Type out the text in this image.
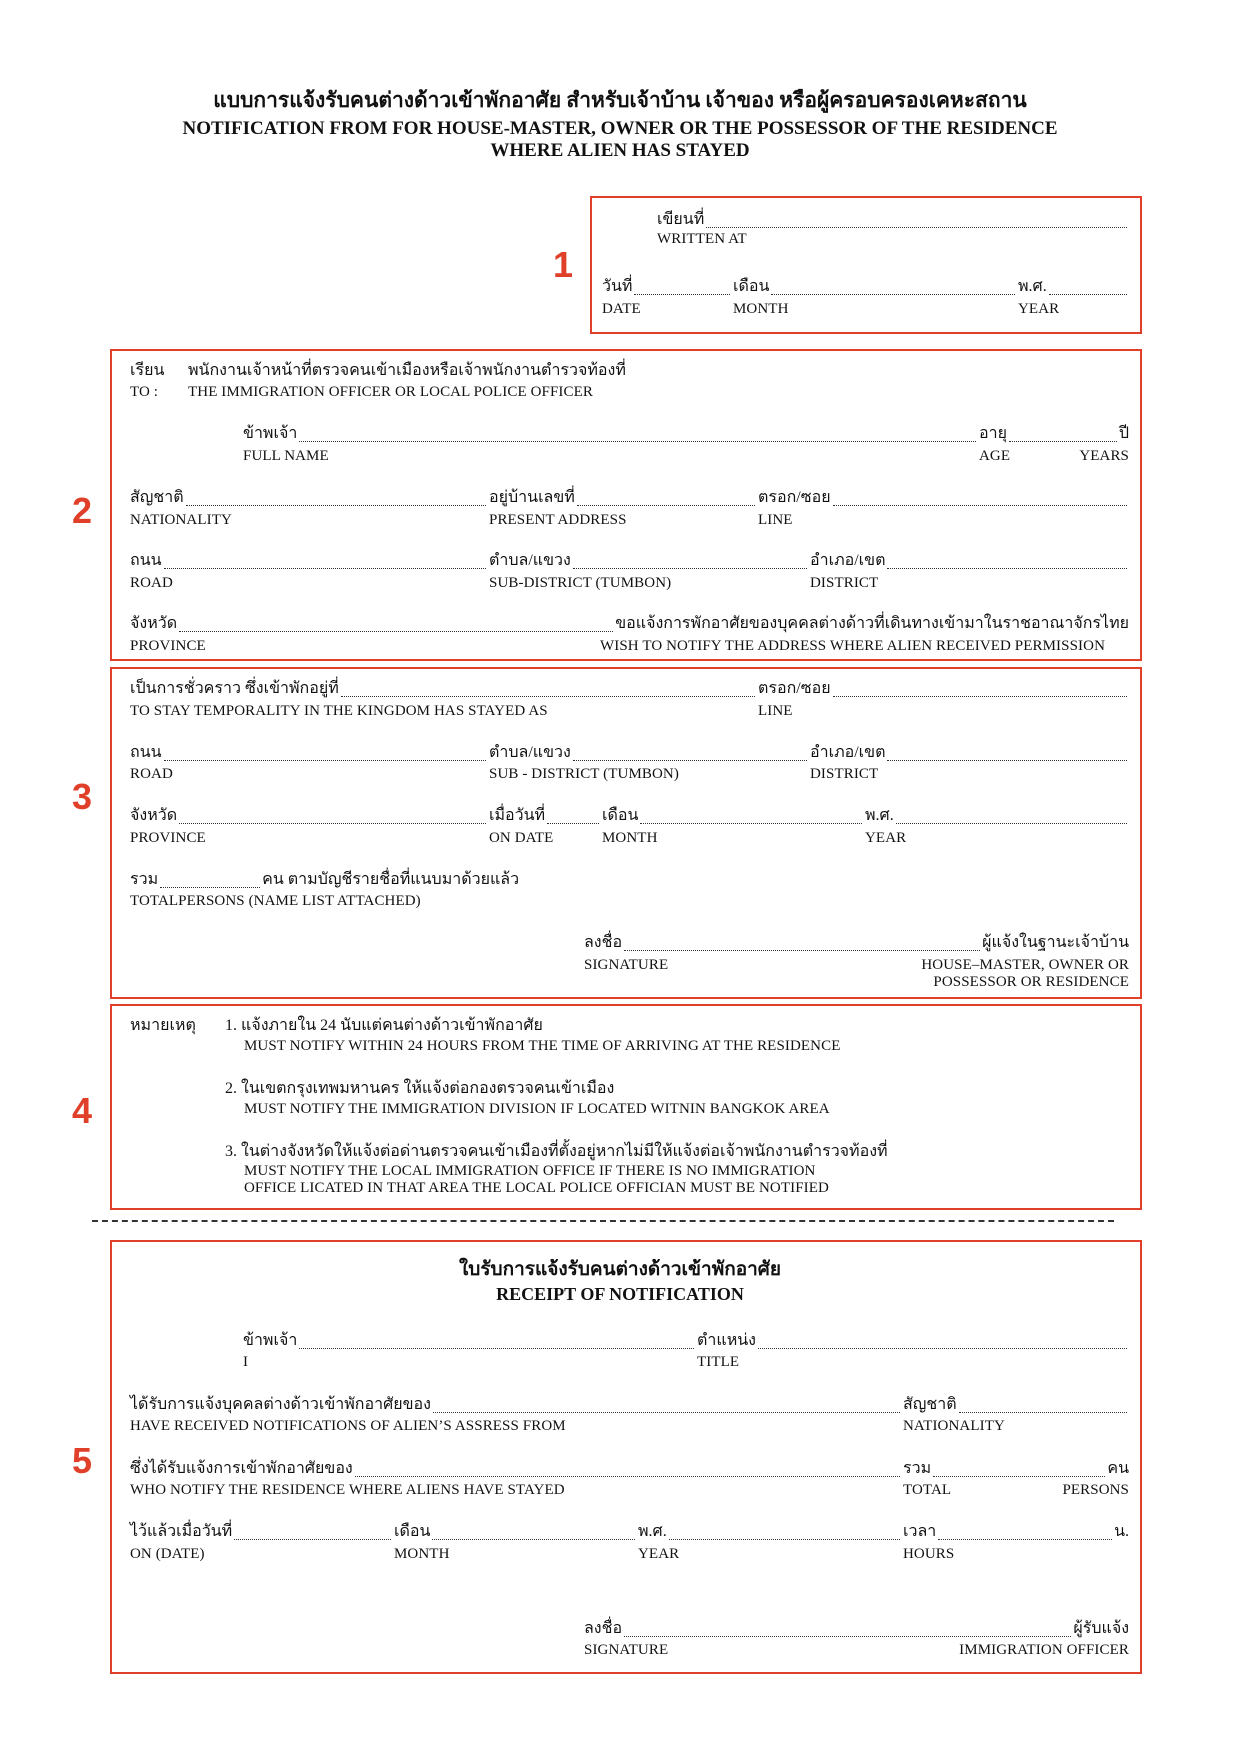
แบบการแจ้งรับคนต่างด้าวเข้าพักอาศัย สำหรับเจ้าบ้าน เจ้าของ หรือผู้ครอบครองเคหะสถาน
NOTIFICATION FROM FOR HOUSE-MASTER, OWNER OR THE POSSESSOR OF THE RESIDENCE
WHERE ALIEN HAS STAYED
1
เขียนที่
WRITTEN AT
วันที่	เดือน	พ.ศ.
DATE	MONTH	YEAR
2
เรียน พนักงานเจ้าหน้าที่ตรวจคนเข้าเมืองหรือเจ้าพนักงานตำรวจท้องที่
TO : THE IMMIGRATION OFFICER OR LOCAL POLICE OFFICER
ข้าพเจ้า	อายุ	ปี
FULL NAME	AGE	YEARS
สัญชาติ	อยู่บ้านเลขที่	ตรอก/ซอย
NATIONALITY	PRESENT ADDRESS	LINE
ถนน	ตำบล/แขวง	อำเภอ/เขต
ROAD	SUB-DISTRICT (TUMBON)	DISTRICT
จังหวัด	ขอแจ้งการพักอาศัยของบุคคลต่างด้าวที่เดินทางเข้ามาในราชอาณาจักรไทย
PROVINCE	WISH TO NOTIFY THE ADDRESS WHERE ALIEN RECEIVED PERMISSION
3
เป็นการชั่วคราว ซึ่งเข้าพักอยู่ที่	ตรอก/ซอย
TO STAY TEMPORALITY IN THE KINGDOM HAS STAYED AS	LINE
ถนน	ตำบล/แขวง	อำเภอ/เขต
ROAD	SUB - DISTRICT (TUMBON)	DISTRICT
จังหวัด	เมื่อวันที่	เดือน	พ.ศ.
PROVINCE	ON DATE	MONTH	YEAR
รวม	คน ตามบัญชีรายชื่อที่แนบมาด้วยแล้ว
TOTALPERSONS (NAME LIST ATTACHED)
ลงชื่อ	ผู้แจ้งในฐานะเจ้าบ้าน
SIGNATURE	HOUSE–MASTER, OWNER OR
POSSESSOR OR RESIDENCE
4
หมายเหตุ 1. แจ้งภายใน 24 นับแต่คนต่างด้าวเข้าพักอาศัย
MUST NOTIFY WITHIN 24 HOURS FROM THE TIME OF ARRIVING AT THE RESIDENCE
2. ในเขตกรุงเทพมหานคร ให้แจ้งต่อกองตรวจคนเข้าเมือง
MUST NOTIFY THE IMMIGRATION DIVISION IF LOCATED WITNIN BANGKOK AREA
3. ในต่างจังหวัดให้แจ้งต่อด่านตรวจคนเข้าเมืองที่ตั้งอยู่หากไม่มีให้แจ้งต่อเจ้าพนักงานตำรวจท้องที่
MUST NOTIFY THE LOCAL IMMIGRATION OFFICE IF THERE IS NO IMMIGRATION
OFFICE LICATED IN THAT AREA THE LOCAL POLICE OFFICIAN MUST BE NOTIFIED
5
ใบรับการแจ้งรับคนต่างด้าวเข้าพักอาศัย
RECEIPT OF NOTIFICATION
ข้าพเจ้า	ตำแหน่ง
I	TITLE
ได้รับการแจ้งบุคคลต่างด้าวเข้าพักอาศัยของ	สัญชาติ
HAVE RECEIVED NOTIFICATIONS OF ALIEN’S ASSRESS FROM	NATIONALITY
ซึ่งได้รับแจ้งการเข้าพักอาศัยของ	รวม	คน
WHO NOTIFY THE RESIDENCE WHERE ALIENS HAVE STAYED	TOTAL	PERSONS
ไว้แล้วเมื่อวันที่	เดือน	พ.ศ.	เวลา	น.
ON (DATE)	MONTH	YEAR	HOURS
ลงชื่อ	ผู้รับแจ้ง
SIGNATURE	IMMIGRATION OFFICER
